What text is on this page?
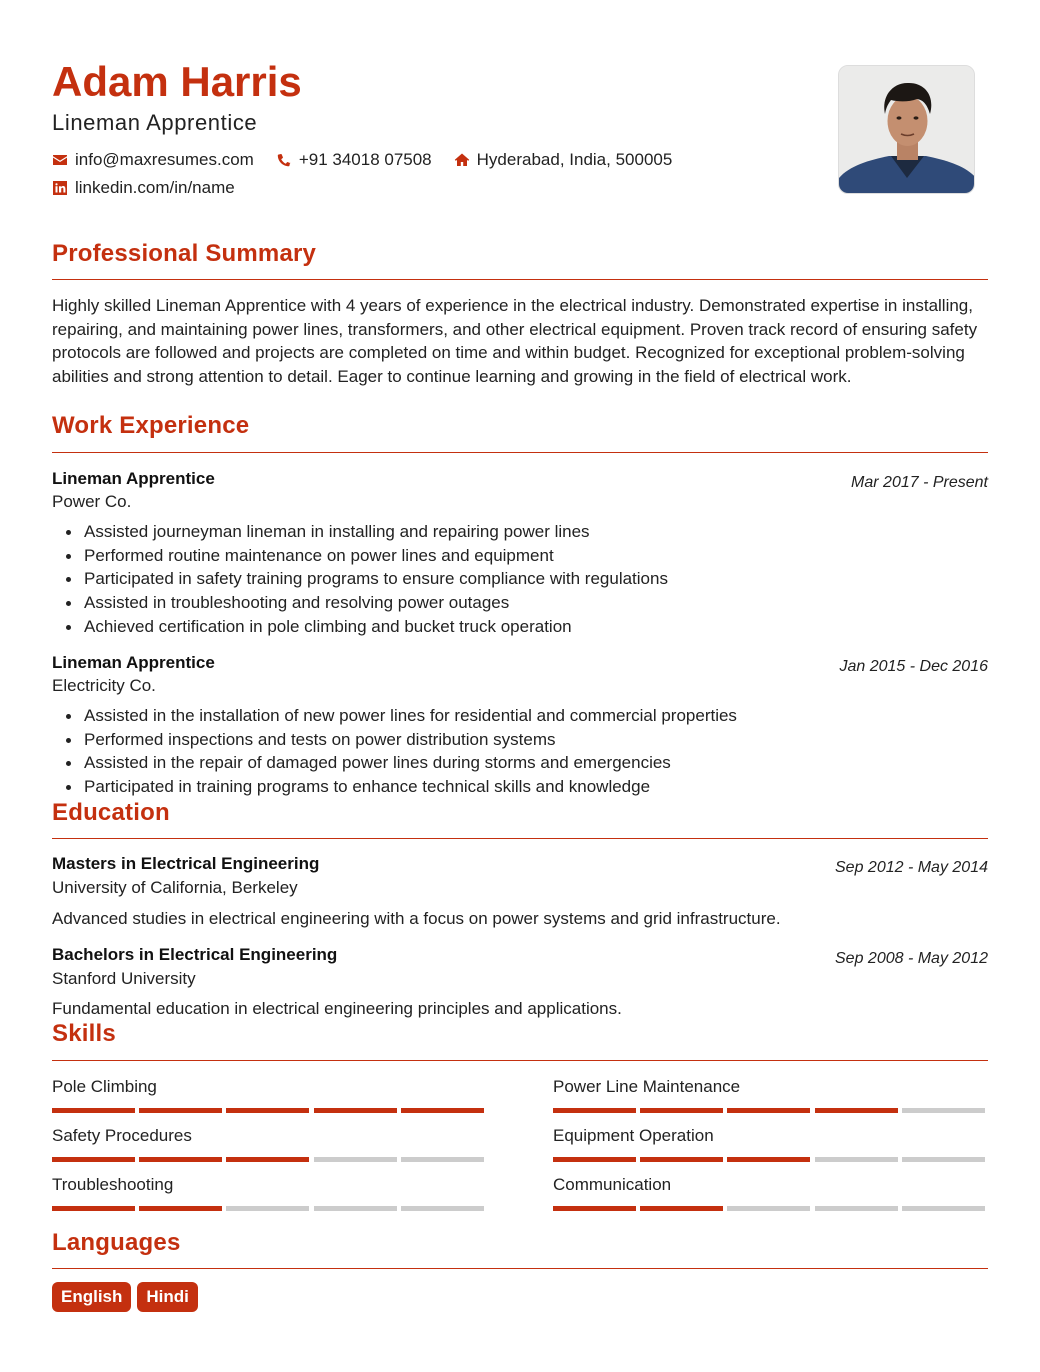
Adam Harris
Lineman Apprentice
info@maxresumes.com	+91 34018 07508	Hyderabad, India, 500005
linkedin.com/in/name
Professional Summary
Highly skilled Lineman Apprentice with 4 years of experience in the electrical industry. Demonstrated expertise in installing, repairing, and maintaining power lines, transformers, and other electrical equipment. Proven track record of ensuring safety protocols are followed and projects are completed on time and within budget. Recognized for exceptional problem-solving abilities and strong attention to detail. Eager to continue learning and growing in the field of electrical work.
Work Experience
Lineman Apprentice	Mar 2017 - Present
Power Co.
Assisted journeyman lineman in installing and repairing power lines
Performed routine maintenance on power lines and equipment
Participated in safety training programs to ensure compliance with regulations
Assisted in troubleshooting and resolving power outages
Achieved certification in pole climbing and bucket truck operation
Lineman Apprentice	Jan 2015 - Dec 2016
Electricity Co.
Assisted in the installation of new power lines for residential and commercial properties
Performed inspections and tests on power distribution systems
Assisted in the repair of damaged power lines during storms and emergencies
Participated in training programs to enhance technical skills and knowledge
Education
Masters in Electrical Engineering	Sep 2012 - May 2014
University of California, Berkeley
Advanced studies in electrical engineering with a focus on power systems and grid infrastructure.
Bachelors in Electrical Engineering	Sep 2008 - May 2012
Stanford University
Fundamental education in electrical engineering principles and applications.
Skills
Pole Climbing	Power Line Maintenance
Safety Procedures	Equipment Operation
Troubleshooting	Communication
Languages
English	Hindi
